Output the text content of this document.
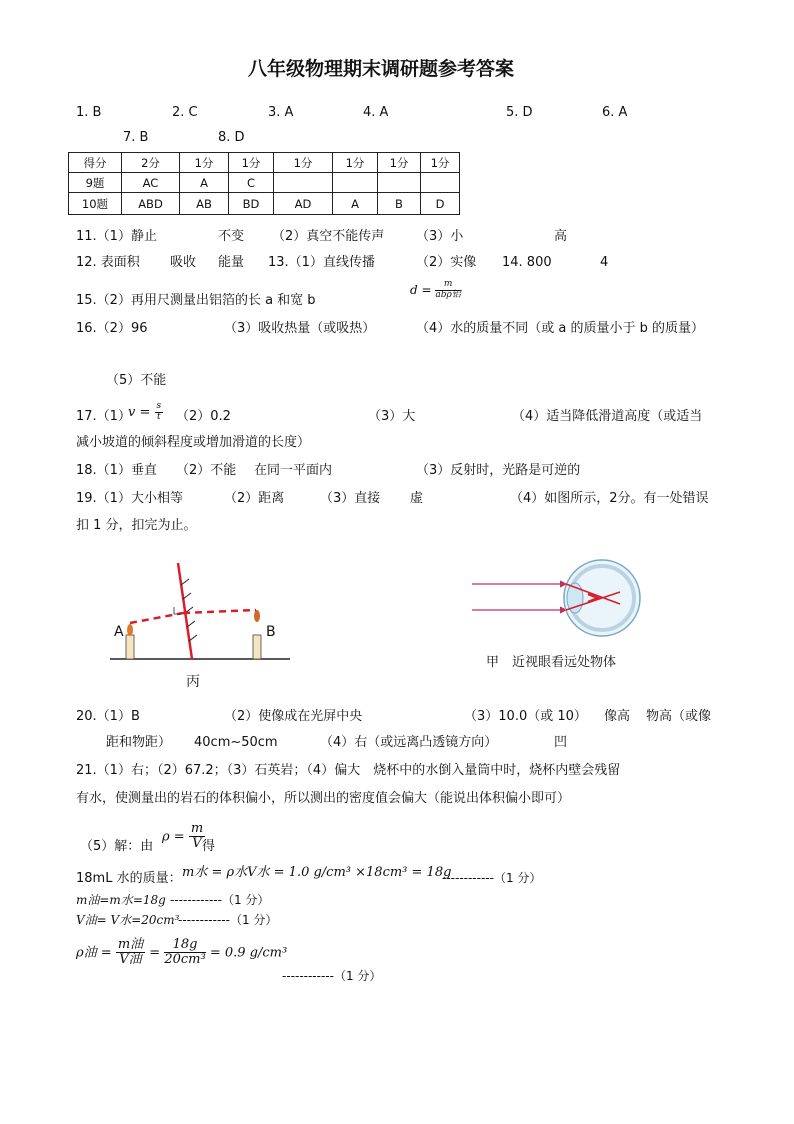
八年级物理期末调研题参考答案
1. B	2. C	3. A	4. A	5. D	6. A
7. B	8. D
得分	2分	1分	1分	1分	1分	1分	1分
9题	AC	A	C				
10题	ABD	AB	BD	AD	A	B	D
11.（1）静止	不变 （2）真空不能传声 （3）小	高
12. 表面积 吸收 能量 13.（1）直线传播	（2）实像 14. 800	4
15.（2）再用尺测量出铝箔的长 a 和宽 b
$d = \frac{m}{\text{abρ铝}}$
16.（2）96	（3）吸收热量（或吸热）	（4）水的质量不同（或 a 的质量小于 b 的质量）
（5）不能
17.（1）
$v = \frac{s}{t} (2)0.2$	（3）大	（4）适当降低滑道高度（或适当
减小坡道的倾斜程度或增加滑道的长度）
18.（1）垂直 （2）不能 在同一平面内	（3）反射时，光路是可逆的
19.（1）大小相等	（2）距离	（3）直接 虚	（4）如图所示，2分。有一处错误
扣 1 分，扣完为止。
A	B
丙
甲　近视眼看远处物体
20.（1）B	（2）使像成在光屏中央	（3）10.0（或 10） 像高 物高（或像
距和物距） 40cm~50cm	（4）右（或远离凸透镜方向）	凹
21.（1）右；（2）67.2；（3）石英岩；（4）偏大　烧杯中的水倒入量筒中时，烧杯内壁会残留
有水，使测量出的岩石的体积偏小，所以测出的密度值会偏大（能说出体积偏小即可）
（5）解：由
$\rho = \frac{m}{V}$
得
18mL 水的质量： m水 = ρ水V水 = 1.0 g/cm³ ×18cm³ = 18g
------------（1 分）
m油=m水=18g ------------（1 分）
V油= V水=20cm³
------------（1 分）
ρ油 = $\frac{\text{m油}}{\text{V油}} = \frac{18g}{\text{20cm³}} = 0.9$ g/cm³
------------（1 分）
